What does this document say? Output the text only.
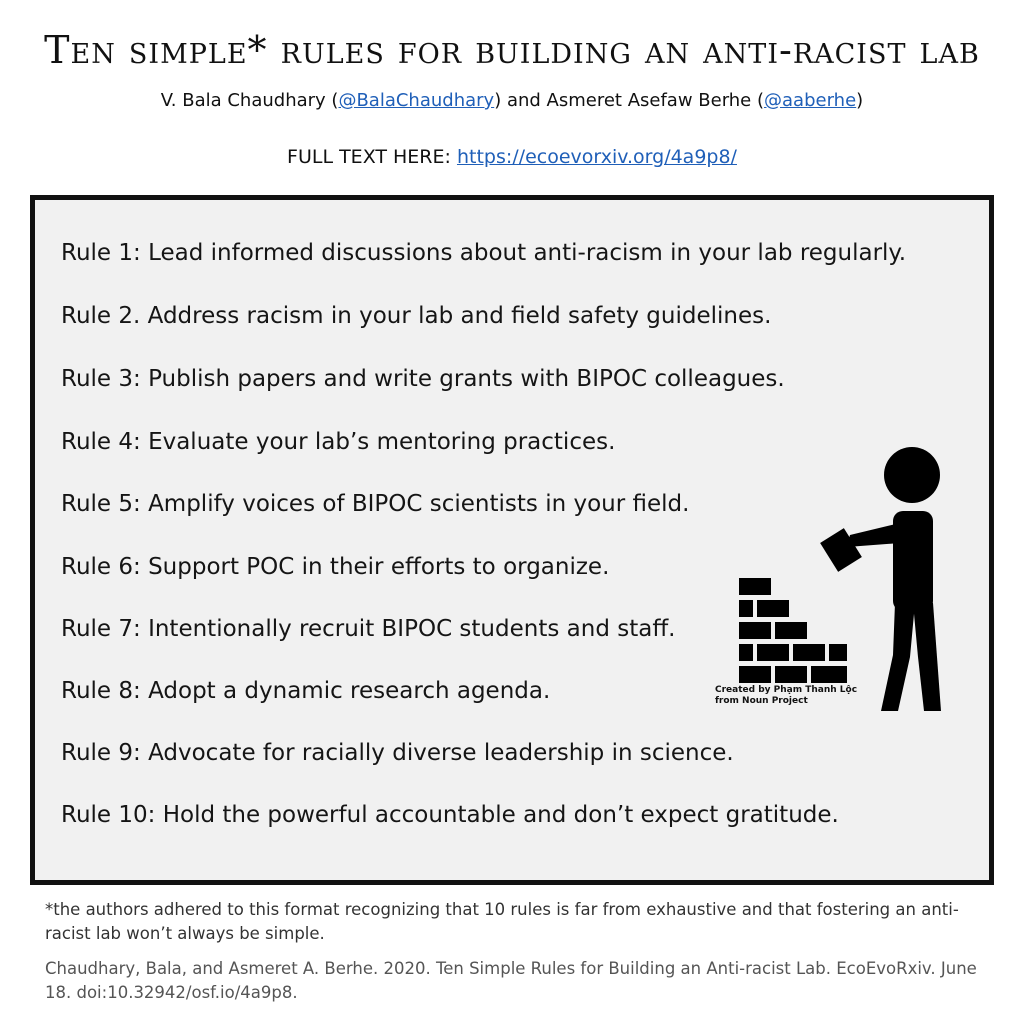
Ten simple* rules for building an anti-racist lab
V. Bala Chaudhary (@BalaChaudhary) and Asmeret Asefaw Berhe (@aaberhe)
FULL TEXT HERE: https://ecoevorxiv.org/4a9p8/
Rule 1: Lead informed discussions about anti-racism in your lab regularly.
Rule 2. Address racism in your lab and field safety guidelines.
Rule 3: Publish papers and write grants with BIPOC colleagues.
Rule 4: Evaluate your lab’s mentoring practices.
Rule 5: Amplify voices of BIPOC scientists in your field.
Rule 6: Support POC in their efforts to organize.
Rule 7: Intentionally recruit BIPOC students and staff.
Rule 8: Adopt a dynamic research agenda.
Rule 9: Advocate for racially diverse leadership in science.
Rule 10: Hold the powerful accountable and don’t expect gratitude.
Created by Phạm Thanh Lộc
from Noun Project
*the authors adhered to this format recognizing that 10 rules is far from exhaustive and that fostering an anti-racist lab won’t always be simple.
Chaudhary, Bala, and Asmeret A. Berhe. 2020. Ten Simple Rules for Building an Anti-racist Lab. EcoEvoRxiv. June 18. doi:10.32942/osf.io/4a9p8.
